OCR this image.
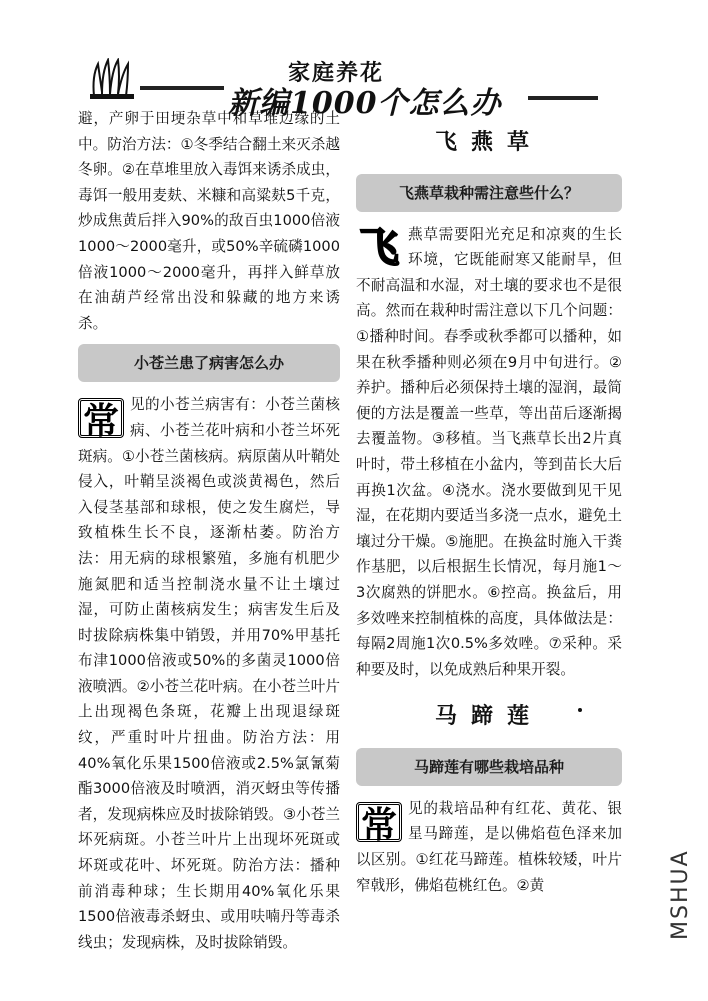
家庭养花
新编1000个怎么办

避，产卵于田埂杂草中和草堆边缘的土中。防治方法：①冬季结合翻土来灭杀越冬卵。②在草堆里放入毒饵来诱杀成虫，毒饵一般用麦麸、米糠和高粱麸5千克，炒成焦黄后拌入90%的敌百虫1000倍液1000～2000毫升，或50%辛硫磷1000倍液1000～2000毫升，再拌入鲜草放在油葫芦经常出没和躲藏的地方来诱杀。

小苍兰患了病害怎么办

常 见的小苍兰病害有：小苍兰菌核病、小苍兰花叶病和小苍兰坏死斑病。①小苍兰菌核病。病原菌从叶鞘处侵入，叶鞘呈淡褐色或淡黄褐色，然后入侵茎基部和球根，使之发生腐烂，导致植株生长不良，逐渐枯萎。防治方法：用无病的球根繁殖，多施有机肥少施氮肥和适当控制浇水量不让土壤过湿，可防止菌核病发生；病害发生后及时拔除病株集中销毁，并用70%甲基托布津1000倍液或50%的多菌灵1000倍液喷洒。②小苍兰花叶病。在小苍兰叶片上出现褐色条斑，花瓣上出现退绿斑纹，严重时叶片扭曲。防治方法：用40%氧化乐果1500倍液或2.5%氯氰菊酯3000倍液及时喷洒，消灭蚜虫等传播者，发现病株应及时拔除销毁。③小苍兰坏死病斑。小苍兰叶片上出现坏死斑或坏斑或花叶、坏死斑。防治方法：播种前消毒种球；生长期用40%氧化乐果1500倍液毒杀蚜虫、或用呋喃丹等毒杀线虫；发现病株，及时拔除销毁。

飞燕草
飞燕草栽种需注意些什么？

飞 燕草需要阳光充足和凉爽的生长环境，它既能耐寒又能耐旱，但不耐高温和水湿，对土壤的要求也不是很高。然而在栽种时需注意以下几个问题：①播种时间。春季或秋季都可以播种，如果在秋季播种则必须在9月中旬进行。②养护。播种后必须保持土壤的湿润，最简便的方法是覆盖一些草，等出苗后逐渐揭去覆盖物。③移植。当飞燕草长出2片真叶时，带土移植在小盆内，等到苗长大后再换1次盆。④浇水。浇水要做到见干见湿，在花期内要适当多浇一点水，避免土壤过分干燥。⑤施肥。在换盆时施入干粪作基肥，以后根据生长情况，每月施1～3次腐熟的饼肥水。⑥控高。换盆后，用多效唑来控制植株的高度，具体做法是：每隔2周施1次0.5%多效唑。⑦采种。采种要及时，以免成熟后种果开裂。

马蹄莲
马蹄莲有哪些栽培品种

常 见的栽培品种有红花、黄花、银星马蹄莲，是以佛焰苞色泽来加以区别。①红花马蹄莲。植株较矮，叶片窄戟形，佛焰苞桃红色。②黄	MSHUA
